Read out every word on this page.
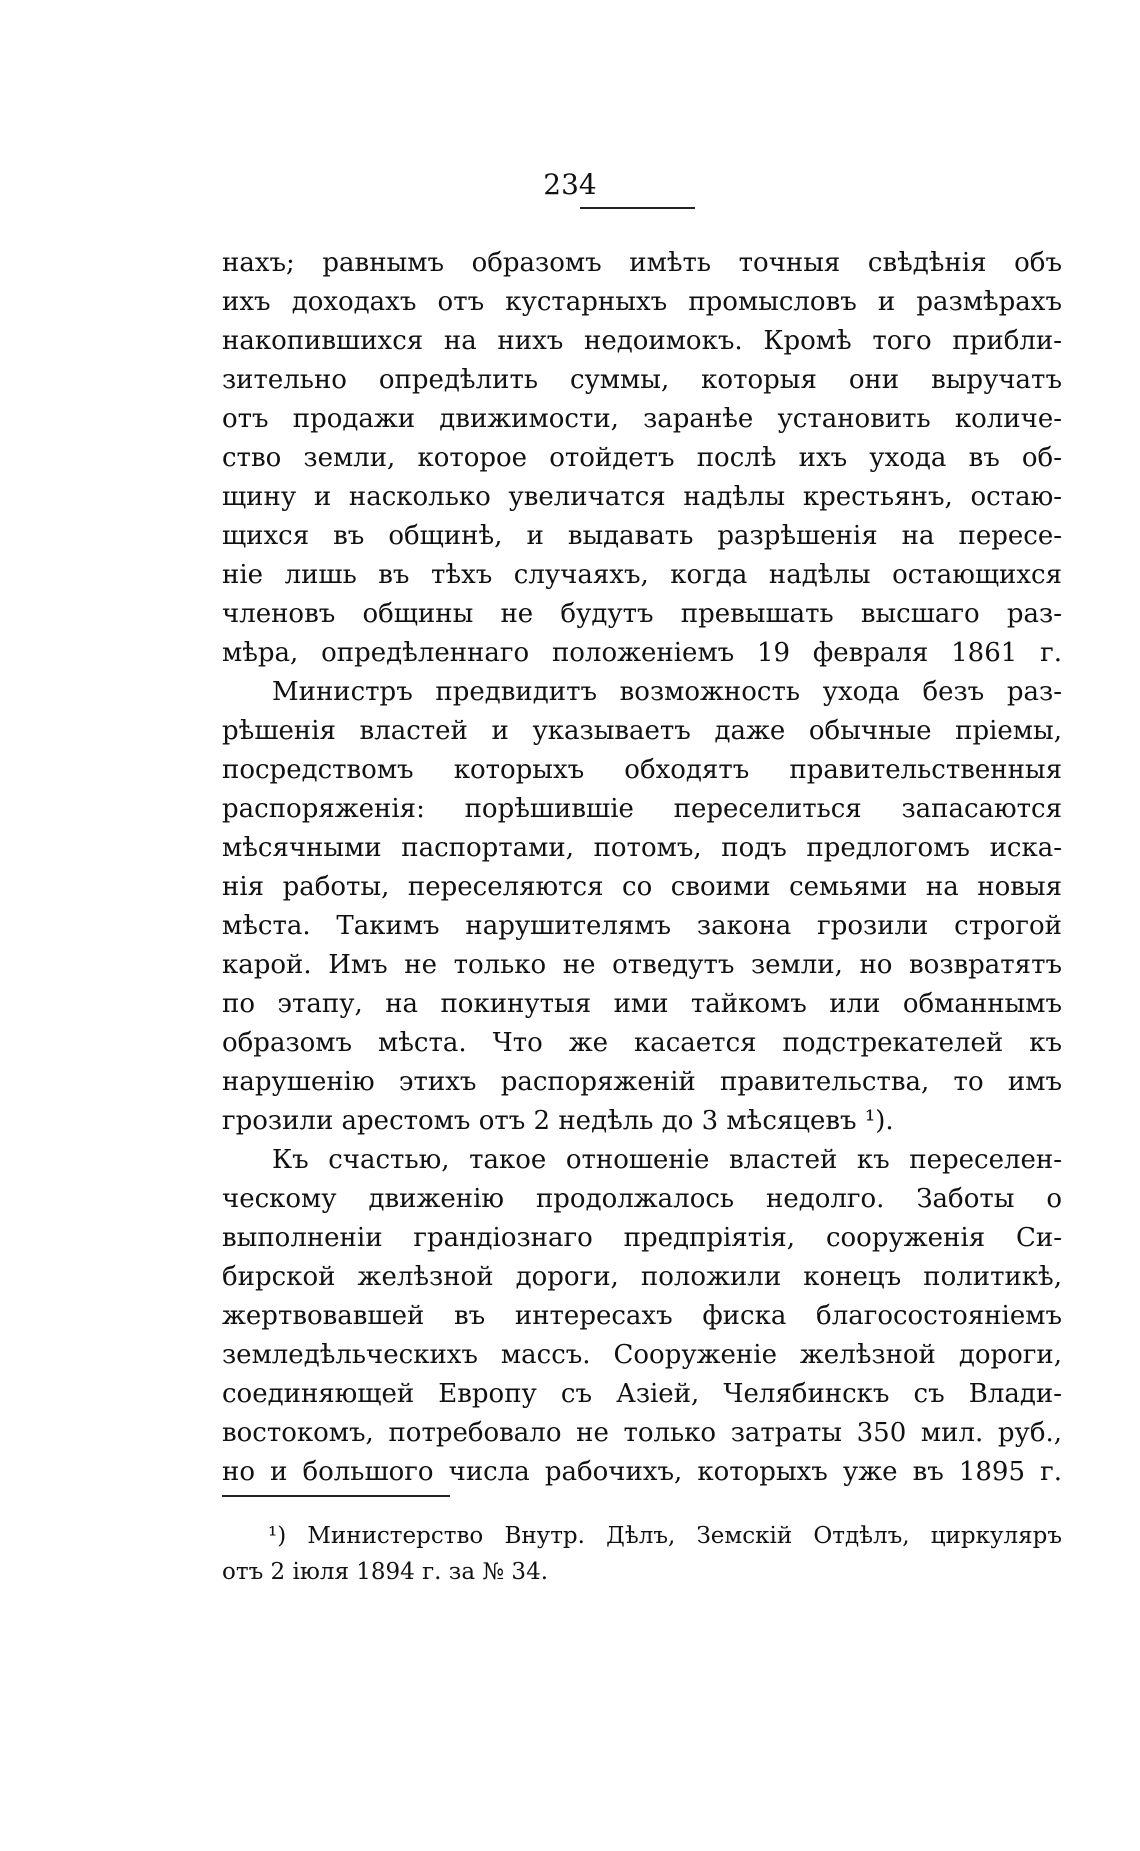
234
нахъ; равнымъ образомъ имѣть точныя свѣдѣнія объ
ихъ доходахъ отъ кустарныхъ промысловъ и размѣрахъ
накопившихся на нихъ недоимокъ. Кромѣ того прибли-
зительно опредѣлить суммы, которыя они выручатъ
отъ продажи движимости, заранѣе установить количе-
ство земли, которое отойдетъ послѣ ихъ ухода въ об-
щину и насколько увеличатся надѣлы крестьянъ, остаю-
щихся въ общинѣ, и выдавать разрѣшенія на пересе-
ніе лишь въ тѣхъ случаяхъ, когда надѣлы остающихся
членовъ общины не будутъ превышать высшаго раз-
мѣра, опредѣленнаго положеніемъ 19 февраля 1861 г.
Министръ предвидитъ возможность ухода безъ раз-
рѣшенія властей и указываетъ даже обычные пріемы,
посредствомъ которыхъ обходятъ правительственныя
распоряженія: порѣшившіе переселиться запасаются
мѣсячными паспортами, потомъ, подъ предлогомъ иска-
нія работы, переселяются со своими семьями на новыя
мѣста. Такимъ нарушителямъ закона грозили строгой
карой. Имъ не только не отведутъ земли, но возвратятъ
по этапу, на покинутыя ими тайкомъ или обманнымъ
образомъ мѣста. Что же касается подстрекателей къ
нарушенію этихъ распоряженій правительства, то имъ
грозили арестомъ отъ 2 недѣль до 3 мѣсяцевъ ¹).
Къ счастью, такое отношеніе властей къ переселен-
ческому движенію продолжалось недолго. Заботы о
выполненіи грандіознаго предпріятія, сооруженія Си-
бирской желѣзной дороги, положили конецъ политикѣ,
жертвовавшей въ интересахъ фиска благосостояніемъ
земледѣльческихъ массъ. Сооруженіе желѣзной дороги,
соединяющей Европу съ Азіей, Челябинскъ съ Влади-
востокомъ, потребовало не только затраты 350 мил. руб.,
но и большого числа рабочихъ, которыхъ уже въ 1895 г.
¹) Министерство Внутр. Дѣлъ, Земскій Отдѣлъ, циркуляръ
отъ 2 іюля 1894 г. за № 34.
